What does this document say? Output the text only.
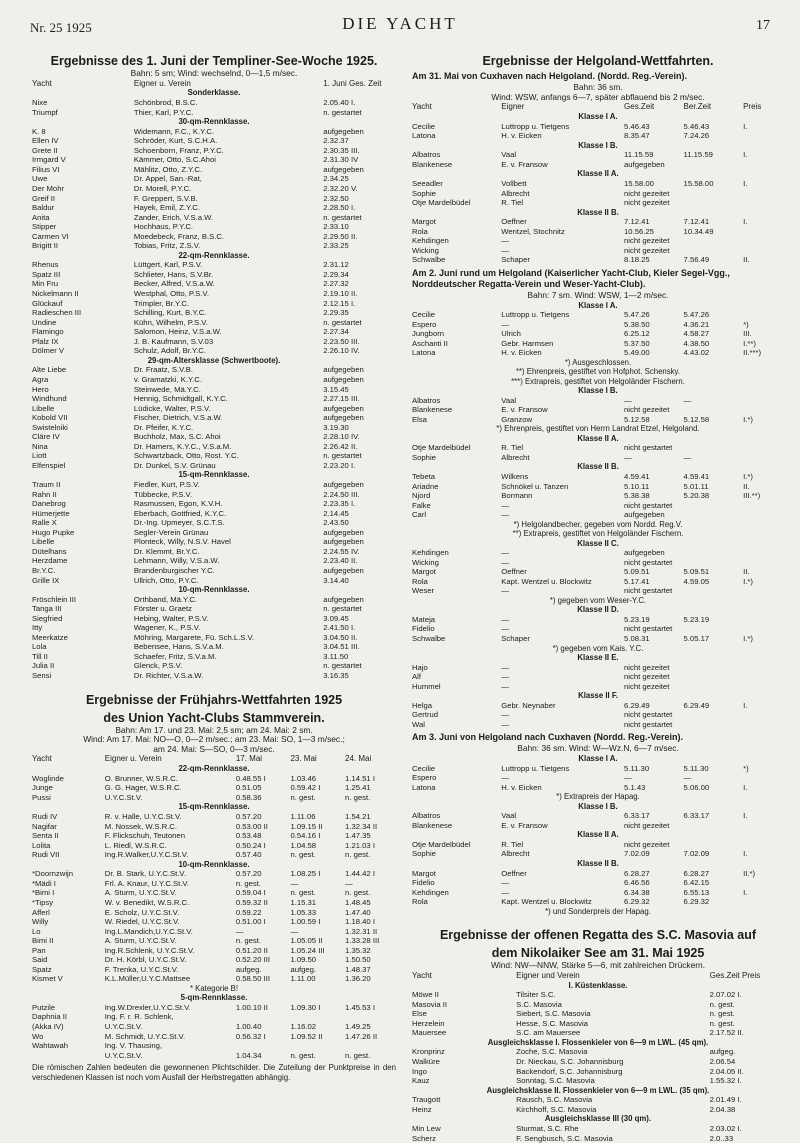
Nr. 25 1925	DIE YACHT	17
Ergebnisse des 1. Juni der Templiner-See-Woche 1925.
Bahn: 5 sm; Wind: wechselnd, 0—1,5 m/sec.
Yacht	Eigner u. Verein	1. Juni Ges. Zeit
Sonderklasse.
Nixe	Schönbrod, B.S.C.	2.05.40 I.
Triumpf	Thier, Karl, P.Y.C.	n. gestartet
30-qm-Rennklasse.
K. 8	Widemann, F.C., K.Y.C.	aufgegeben
Ellen IV	Schröder, Kurt, S.C.H.A.	2.32.37
Grete II	Schoenborn, Franz, P.Y.C.	2.30.35 III.
Irmgard V	Kämmer, Otto, S.C.Ahoi	2.31.30 IV
Filius VI	Mählitz, Otto, Z.Y.C.	aufgegeben
Uwe	Dr. Appel, San.-Rat,	2.34.25
Der Mohr	Dr. Morell, P.Y.C.	2.32.20 V.
Greif II	F. Greppert, S.V.B.	2.32.50
Baldur	Hayek, Emil, Z.Y.C.	2.28.50 I.
Anita	Zander, Erich, V.S.a.W.	n. gestartet
Stipper	Hochhaus, P.Y.C.	2.33.10
Carmen VI	Moedebeck, Franz, B.S.C.	2.29.50 II.
Brigitt II	Tobias, Fritz, Z.S.V.	2.33.25
22-qm-Rennklasse.
Rhenus	Lüttgert, Karl, P.S.V.	2.31.12
Spatz III	Schlieter, Hans, S.V.Br.	2.29.34
Min Fru	Becker, Alfred, V.S.a.W.	2.27.32
Nickelmann II	Westphal, Otto, P.S.V.	2.19.10 II.
Glückauf	Trimpler, Br.Y.C.	2.12.15 I.
Radieschen III	Schilling, Kurt, B.Y.C.	2.29.35
Undine	Kühn, Wilhelm, P.S.V.	n. gestartet
Flamingo	Salomon, Heinz, V.S.a.W.	2.27.34
Pfalz IX	J. B. Kaufmann, S.V.03	2.23.50 III.
Dölmer V	Schulz, Adolf, Br.Y.C.	2.26.10 IV.
29-qm-Altersklasse (Schwertboote).
Alte Liebe	Dr. Fraatz, S.V.B.	aufgegeben
Agra	v. Gramatzki, K.Y.C.	aufgegeben
Hero	Steinwede, Mä.Y.C.	3.15.45
Windhund	Hennig, Schmidtgall, K.Y.C.	2.27.15 III.
Libelle	Lüdicke, Walter, P.S.V.	aufgegeben
Kobold VII	Fischer, Dietrich, V.S.a.W.	aufgegeben
Swistelniki	Dr. Pfeifer, K.Y.C.	3.19.30
Cläre IV	Buchholz, Max, S.C. Ahoi	2.28.10 IV.
Nina	Dr. Hamers, K.Y.C., V.S.a.M.	2.26.42 II.
Liott	Schwartzback, Otto, Rost. Y.C.	n. gestartet
Elfenspiel	Dr. Dunkel, S.V. Grünau	2.23.20 I.
15-qm-Rennklasse.
Traum II	Fiedler, Kurt, P.S.V.	aufgegeben
Rahn II	Tübbecke, P.S.V.	2.24.50 III.
Danebrog	Rasmussen, Egon, K.V.H.	2.23.35 I.
Hümerjette	Eberbach, Gottfried, K.Y.C.	2.14.45
Ralle X	Dr.-Ing. Upmeyer, S.C.T.S.	2.43.50
Hugo Pupke	Segler-Verein Grünau	aufgegeben
Libelle	Plonteck, Willy, N.S.V. Havel	aufgegeben
Dütelhans	Dr. Klemmt, Br.Y.C.	2.24.55 IV.
Herzdame	Lehmann, Willy, V.S.a.W.	2.23.40 II.
Br.Y.C.	Brandenburgischer Y.C.	aufgegeben
Grille IX	Ullrich, Otto, P.Y.C.	3.14.40
10-qm-Rennklasse.
Fröschlein III	Orthband, Mä.Y.C.	aufgegeben
Tanga III	Förster u. Graetz	n. gestartet
Siegfried	Hebing, Walter, P.S.V.	3.09.45
Itty	Wagener, K., P.S.V.	2.41.50 I.
Meerkatze	Möhring, Margarete, Fü. Sch.L.S.V.	3.04.50 II.
Lola	Bebensee, Hans, S.V.a.M.	3.04.51 III.
Till II	Schaefer, Fritz, S.V.a.M.	3.11.50
Julia II	Glenck, P.S.V.	n. gestartet
Sensi	Dr. Richter, V.S.a.W.	3.16.35
Ergebnisse der Frühjahrs-Wettfahrten 1925
des Union Yacht-Clubs Stammverein.
Bahn: Am 17. und 23. Mai: 2,5 sm; am 24. Mai: 2 sm.
Wind: Am 17. Mai: NO—O, 0—2 m/sec.; am 23. Mai: SO, 1—3 m/sec.;
am 24. Mai: S—SO, 0—3 m/sec.
Yacht	Eigner u. Verein	17. Mai	23. Mai	24. Mai
22-qm-Rennklasse.
Woglinde	O. Brunner, W.S.R.C.	0.48.55 I	1.03.46	1.14.51 I
Junge	G. G. Hager, W.S.R.C.	0.51.05	0.59.42 I	1.25.41
Pussi	U.Y.C.St.V.	0.58.36	n. gest.	n. gest.
15-qm-Rennklasse.
Rudi IV	R. v. Halle, U.Y.C.St.V.	0.57.20	1.11.06	1.54.21
Nagifar	M. Nossek, W.S.R.C.	0.53.00 II	1.09.15 II	1.32.34 II
Senta II	F. Flickschuh, Teutonen	0.53.48	0.54.16 I	1.47.35
Lolita	L. Riedl, W.S.R.C.	0.50.24 I	1.04.58	1.21.03 I
Rudi VII	Ing.R.Walker,U.Y.C.St.V.	0.57.40	n. gest.	n. gest.
10-qm-Rennklasse.
*Doornzwijn	Dr. B. Stark, U.Y.C.St.V.	0.57.20	1.08.25 I	1.44.42 I
*Mädi I	Frl. A. Knaur, U.Y.C.St.V.	n. gest.	—	—
*Bimi I	A. Sturm, U.Y.C.St.V.	0.59.04 I	n. gest.	n. gest.
*Tipsy	W. v. Benedikt, W.S.R.C.	0.59.32 II	1.15.31	1.48.45
Afferl	E. Scholz, U.Y.C.St.V.	0.59.22	1.05.33	1.47.40
Willy	W. Riedel, U.Y.C.St.V.	0.51.00 I	1.00.59 I	1.18.40 I
Lo	Ing.L.Mandich,U.Y.C.St.V.	—	—	1.32.31 II
Bimi II	A. Sturm, U.Y.C.St.V.	n. gest.	1.05.05 II	1.33.28 III
Pan	Ing.R.Schlenk, U.Y.C.St.V.	0.51.20 II	1.05.24 III	1.35.32
Said	Dr. H. Körbl, U.Y.C.St.V.	0.52.20 III	1.09.50	1.50.50
Spatz	F. Trenka, U.Y.C.St.V.	aufgeg.	aufgeg.	1.48.37
Kismet V	K.L.Müller,U.Y.C.Mattsee	0.58.50 III	1.11.00	1.36.20
* Kategorie B!
5-qm-Rennklasse.
Putzile	Ing.W.Drexler,U.Y.C.St.V.	1.00.10 II	1.09.30 I	1.45.53 I
Daphnia II	Ing. F. r. R. Schlenk,
(Akka IV)	U.Y.C.St.V.	1.00.40	1.16.02	1.49.25
Wo	M. Schmidt, U.Y.C.St.V.	0.56.32 I	1.09.52 II	1.47.26 II
Wahtawah	Ing. V. Thausing,
U.Y.C.St.V.	1.04.34	n. gest.	n. gest.
Die römischen Zahlen bedeuten die gewonnenen Plichtschilder. Die Zuteilung der Punktpreise in den verschiedenen Klassen ist noch vom Ausfall der Herbstregatten abhängig.
Ergebnisse der Helgoland-Wettfahrten.
Am 31. Mai von Cuxhaven nach Helgoland. (Nordd. Reg.-Verein).
Bahn: 36 sm.
Wind: WSW, anfangs 6—7, später abflauend bis 2 m/sec.
Yacht	Eigner	Ges.Zeit	Ber.Zeit	Preis
Klasse I A.
Cecilie	Luttropp u. Tietgens	5.46.43	5.46.43	I.
Latona	H. v. Eicken	8.35.47	7.24.26
Klasse I B.
Albatros	Vaal	11.15.59	11.15.59	I.
Blankenese	E. v. Fransow	aufgegeben
Klasse II A.
Seeadler	Vollbett	15.58.00	15.58.00	I.
Sophie	Albrecht	nicht gezeitet
Otje Mardelbüdel	R. Tiel	nicht gezeitet
Klasse II B.
Margot	Oeffner	7.12.41	7.12.41	I.
Rola	Wentzel, Stochnitz	10.56.25	10.34.49
Kehdingen	—	nicht gezeitet
Wicking	—	nicht gezeitet
Schwalbe	Schaper	8.18.25	7.56.49	II.
Am 2. Juni rund um Helgoland (Kaiserlicher Yacht-Club, Kieler Segel-Vgg., Norddeutscher Regatta-Verein und Weser-Yacht-Club).
Bahn: 7 sm. Wind: WSW, 1—2 m/sec.
Klasse I A.
Cecilie	Luttropp u. Tietgens	5.47.26	5.47.26
Espero	—	5.38.50	4.36.21	*)
Jungborn	Ulrich	6.25.12	4.58.27	III.
Aschanti II	Gebr. Harmsen	5.37.50	4.38.50	I.**)
Latona	H. v. Eicken	5.49.00	4.43.02	II.***)
*) Ausgeschlossen.
**) Ehrenpreis, gestiftet von Hofphot. Schensky.
***) Extrapreis, gestiftet von Helgoländer Fischern.
Klasse I B.
Albatros	Vaal	—	—
Blankenese	E. v. Fransow	nicht gezeitet
Elsa	Granzow	5.12.58	5.12.58	I.*)
*) Ehrenpreis, gestiftet von Herrn Landrat Etzel, Helgoland.
Klasse II A.
Otje Mardelbüdel	R. Tiel	nicht gestartet
Sophie	Albrecht	—	—
Klasse II B.
Tebeta	Wilkens	4.59.41	4.59.41	I.*)
Ariadne	Schnökel u. Tanzen	5.10.11	5.01.11	II.
Njord	Bormann	5.38.38	5.20.38	III.**)
Falke	—	nicht gestartet
Carl	—	aufgegeben
*) Helgolandbecher, gegeben vom Nordd. Reg.V.
**) Extrapreis, gestiftet von Helgoländer Fischern.
Klasse II C.
Kehdingen	—	aufgegeben
Wicking	—	nicht gestartet
Margot	Oeffner	5.09.51	5.09.51	II.
Rola	Kapt. Wentzel u. Blockwitz	5.17.41	4.59.05	I.*)
Weser	—	nicht gestartet
*) gegeben vom Weser-Y.C.
Klasse II D.
Mateja	—	5.23.19	5.23.19
Fidelio	—	nicht gestartet
Schwalbe	Schaper	5.08.31	5.05.17	I.*)
*) gegeben vom Kais. Y.C.
Klasse II E.
Hajo	—	nicht gezeitet
Alf	—	nicht gezeitet
Hummel	—	nicht gezeitet
Klasse II F.
Helga	Gebr. Neynaber	6.29.49	6.29.49	I.
Gertrud	—	nicht gestartet
Wal	—	nicht gestartet
Am 3. Juni von Helgoland nach Cuxhaven (Nordd. Reg.-Verein).
Bahn: 36 sm. Wind: W—Wz.N, 6—7 m/sec.
Klasse I A.
Cecilie	Luttropp u. Tietgens	5.11.30	5.11.30	*)
Espero	—	—	—
Latona	H. v. Eicken	5.1.43	5.06.00	I.
*) Extrapreis der Hapag.
Klasse I B.
Albatros	Vaal	6.33.17	6.33.17	I.
Blankenese	E. v. Fransow	nicht gezeitet
Klasse II A.
Otje Mardelbüdel	R. Tiel	nicht gezeitet
Sophie	Albrecht	7.02.09	7.02.09	I.
Klasse II B.
Margot	Oeffner	6.28.27	6.28.27	II.*)
Fidelio	—	6.46.56	6.42.15
Kehdingen	—	6.34.38	6.55.13	I.
Rola	Kapt. Wentzel u. Blockwitz	6.29.32	6.29.32
*) und Sonderpreis der Hapag.
Ergebnisse der offenen Regatta des S.C. Masovia auf
dem Nikolaiker See am 31. Mai 1925
Wind: NW—NNW, Stärke 5—6, mit zahlreichen Drückern.
Yacht	Eigner und Verein	Ges.Zeit Preis
I. Küstenklasse.
Möwe II	Tilsiter S.C.	2.07.02 I.
Masovia II	S.C. Masovia	n. gest.
Else	Siebert, S.C. Masovia	n. gest.
Herzelein	Hesse, S.C. Masovia	n. gest.
Mauersee	S.C. am Mauersee	2.17.52 II.
Ausgleichsklasse I. Flossenkieler von 6—9 m LWL. (45 qm).
Kronprinz	Zoche, S.C. Masovia	aufgeg.
Walküre	Dr. Nieckau, S.C. Johannisburg	2.06.54
Ingo	Backendorf, S.C. Johannisburg	2.04.05 II.
Kauz	Sonntag, S.C. Masovia	1.55.32 I.
Ausgleichsklasse II. Flossenkieler von 6—9 m LWL. (35 qm).
Traugott	Rausch, S.C. Masovia	2.01.49 I.
Heinz	Kirchhoff, S.C. Masovia	2.04.38
Ausgleichsklasse III (30 qm).
Min Lew	Sturmat, S.C. Rhe	2.03.02 I.
Scherz	F. Sengbusch, S.C. Masovia	2.0..33
